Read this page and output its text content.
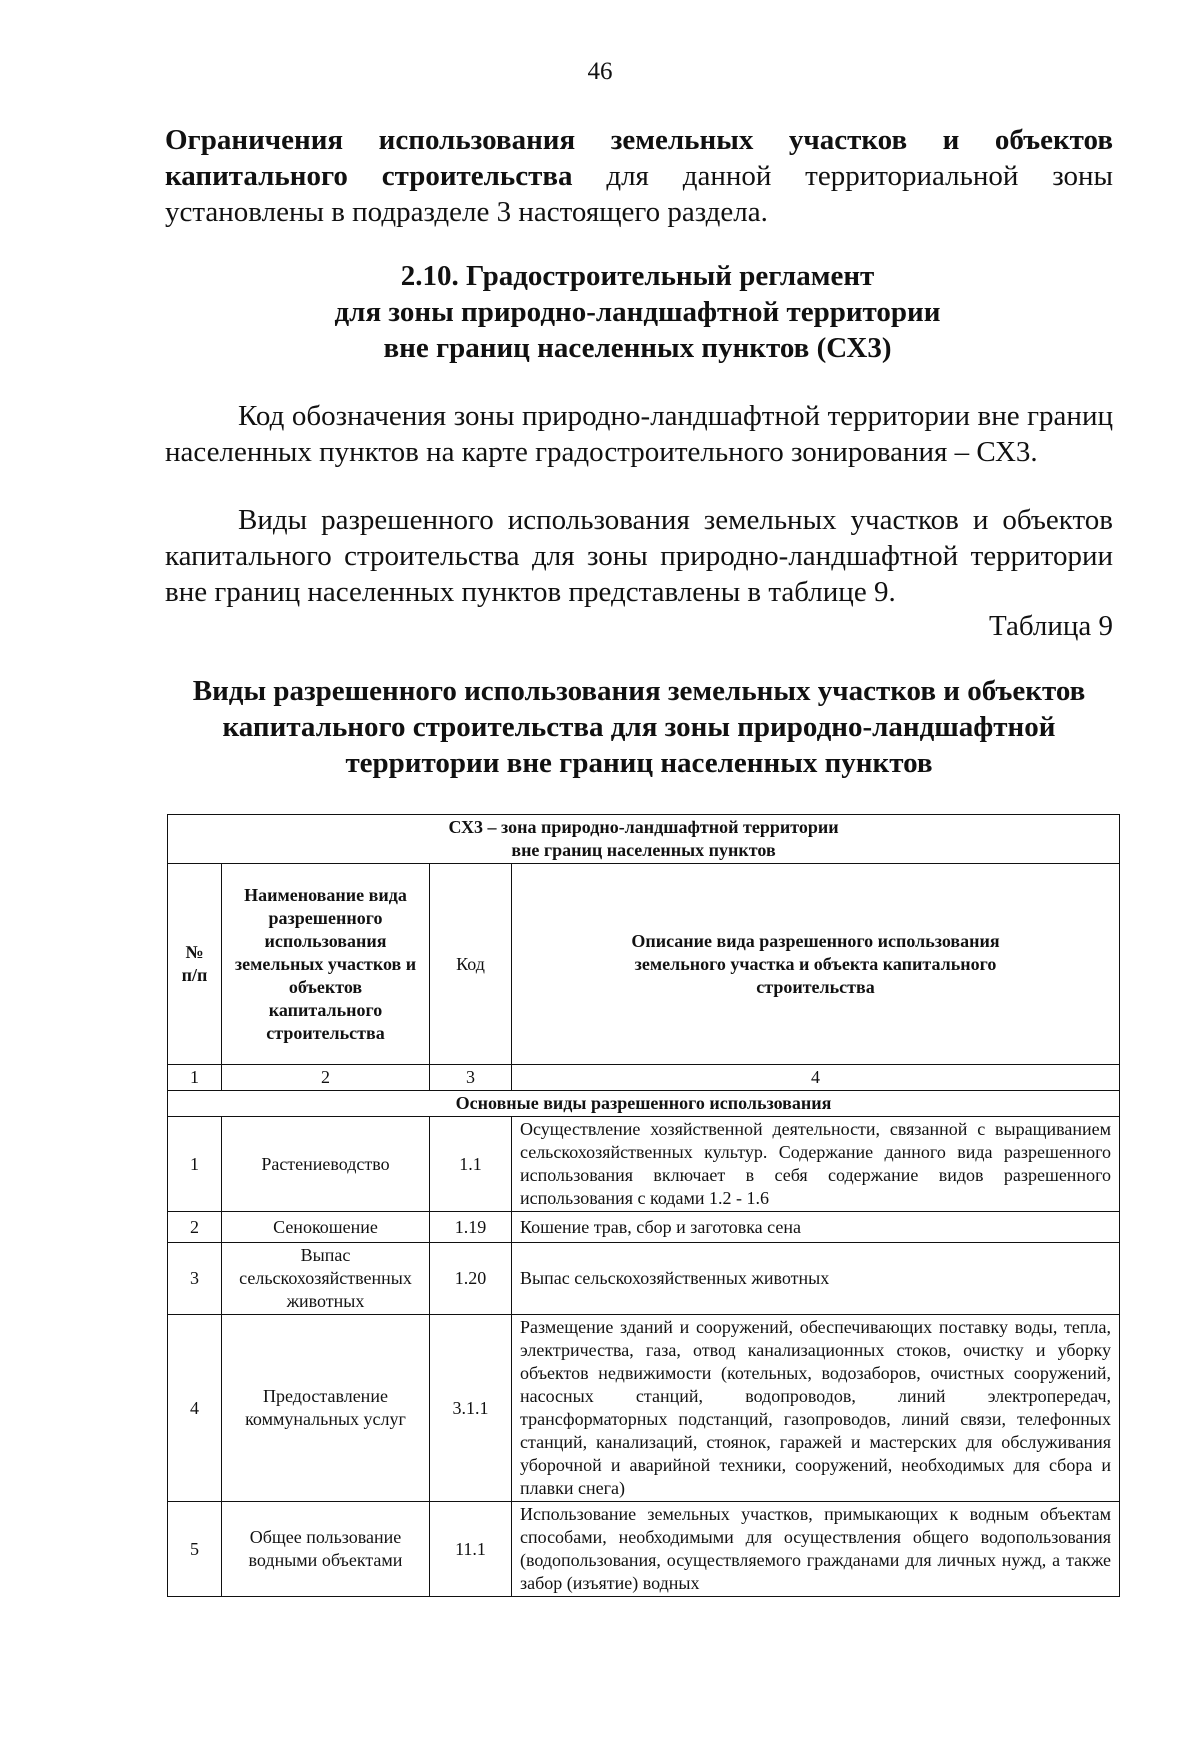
46
Ограничения использования земельных участков и объектов капитального строительства для данной территориальной зоны установлены в подразделе 3 настоящего раздела.
2.10. Градостроительный регламент
для зоны природно-ландшафтной территории
вне границ населенных пунктов (СХ3)
Код обозначения зоны природно-ландшафтной территории вне границ населенных пунктов на карте градостроительного зонирования – СХ3.
Виды разрешенного использования земельных участков и объектов капитального строительства для зоны природно-ландшафтной территории вне границ населенных пунктов представлены в таблице 9.
Таблица 9
Виды разрешенного использования земельных участков и объектов
капитального строительства для зоны природно-ландшафтной
территории вне границ населенных пунктов
СХ3 – зона природно-ландшафтной территории
вне границ населенных пунктов			

№ п/п	Наименование вида разрешенного использования земельных участков и объектов капитального строительства	Код	Описание вида разрешенного использования земельного участка и объекта капитального строительства
1	2	3	4
Основные виды разрешенного использования			
1	Растениеводство	1.1	Осуществление хозяйственной деятельности, связанной с выращиванием сельскохозяйственных культур. Содержание данного вида разрешенного использования включает в себя содержание видов разрешенного использования с кодами 1.2 - 1.6
2	Сенокошение	1.19	Кошение трав, сбор и заготовка сена
3	Выпас сельскохозяйственных животных	1.20	Выпас сельскохозяйственных животных
4	Предоставление коммунальных услуг	3.1.1	Размещение зданий и сооружений, обеспечивающих поставку воды, тепла, электричества, газа, отвод канализационных стоков, очистку и уборку объектов недвижимости (котельных, водозаборов, очистных сооружений, насосных станций, водопроводов, линий электропередач, трансформаторных подстанций, газопроводов, линий связи, телефонных станций, канализаций, стоянок, гаражей и мастерских для обслуживания уборочной и аварийной техники, сооружений, необходимых для сбора и плавки снега)
5	Общее пользование водными объектами	11.1	Использование земельных участков, примыкающих к водным объектам способами, необходимыми для осуществления общего водопользования (водопользования, осуществляемого гражданами для личных нужд, а также забор (изъятие) водных
